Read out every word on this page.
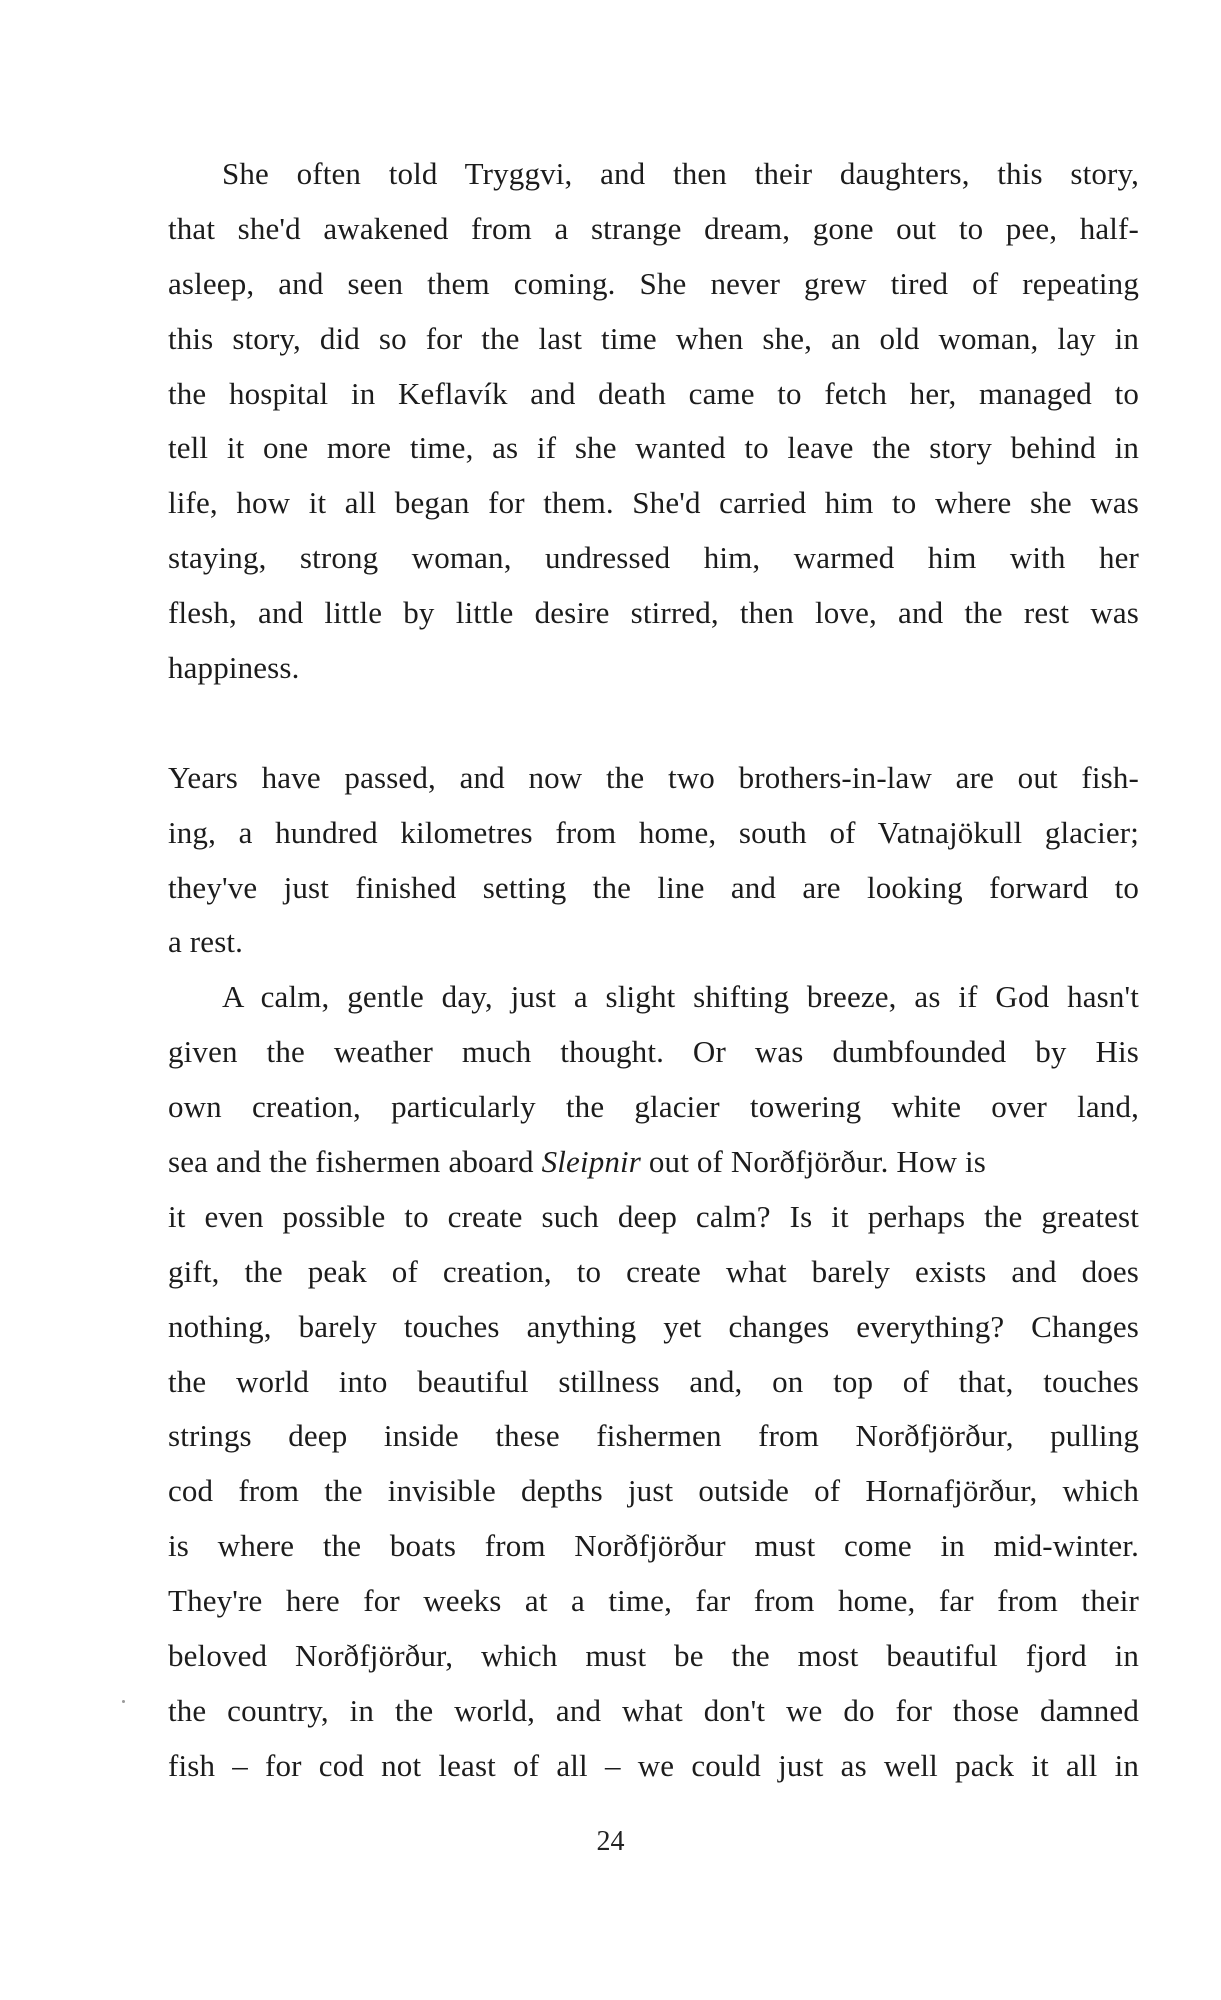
She often told Tryggvi, and then their daughters, this story,
that she'd awakened from a strange dream, gone out to pee, half-
asleep, and seen them coming. She never grew tired of repeating
this story, did so for the last time when she, an old woman, lay in
the hospital in Keflavík and death came to fetch her, managed to
tell it one more time, as if she wanted to leave the story behind in
life, how it all began for them. She'd carried him to where she was
staying, strong woman, undressed him, warmed him with her
flesh, and little by little desire stirred, then love, and the rest was
happiness.
Years have passed, and now the two brothers-in-law are out fish-
ing, a hundred kilometres from home, south of Vatnajökull glacier;
they've just finished setting the line and are looking forward to
a rest.
A calm, gentle day, just a slight shifting breeze, as if God hasn't
given the weather much thought. Or was dumbfounded by His
own creation, particularly the glacier towering white over land,
sea and the fishermen aboard Sleipnir out of Norðfjörður. How is
it even possible to create such deep calm? Is it perhaps the greatest
gift, the peak of creation, to create what barely exists and does
nothing, barely touches anything yet changes everything? Changes
the world into beautiful stillness and, on top of that, touches
strings deep inside these fishermen from Norðfjörður, pulling
cod from the invisible depths just outside of Hornafjörður, which
is where the boats from Norðfjörður must come in mid-winter.
They're here for weeks at a time, far from home, far from their
beloved Norðfjörður, which must be the most beautiful fjord in
the country, in the world, and what don't we do for those damned
fish – for cod not least of all – we could just as well pack it all in
24
